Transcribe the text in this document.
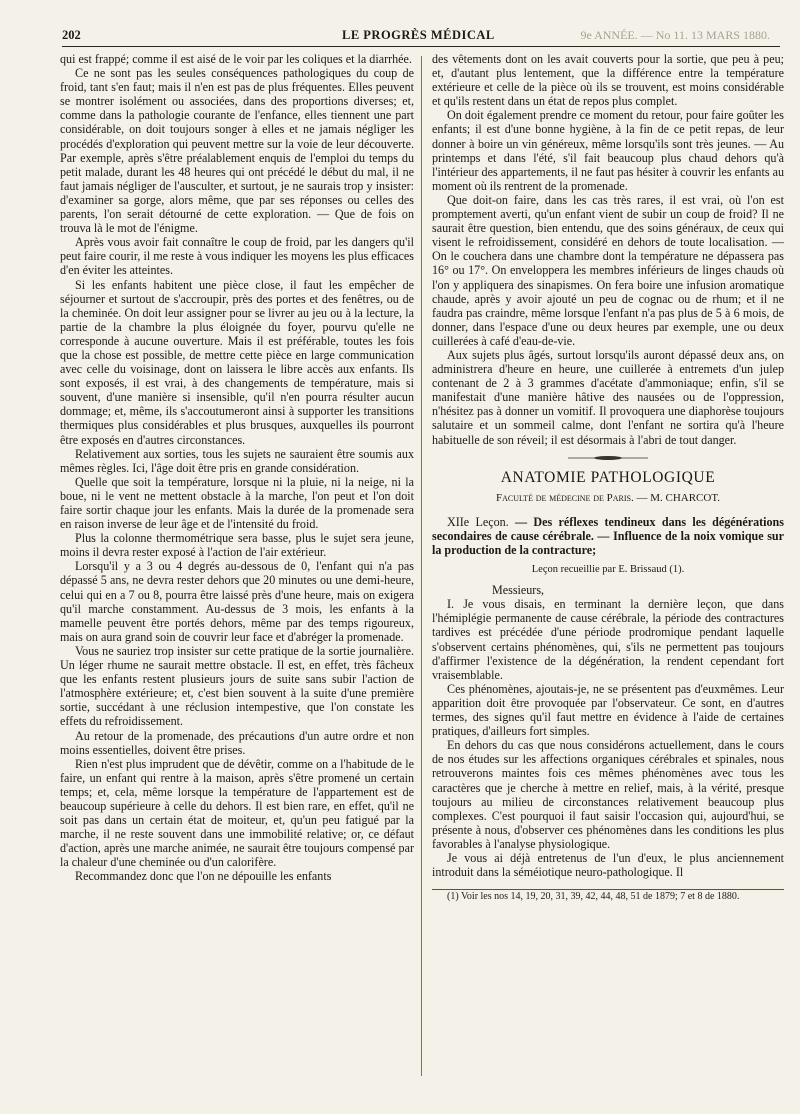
202	LE PROGRÈS MÉDICAL	9e ANNÉE. — No 11. 13 MARS 1880.

qui est frappé; comme il est aisé de le voir par les coliques et la diarrhée.

Ce ne sont pas les seules conséquences pathologiques du coup de froid, tant s'en faut; mais il n'en est pas de plus fréquentes. Elles peuvent se montrer isolément ou associées, dans des proportions diverses; et, comme dans la pathologie courante de l'enfance, elles tiennent une part considérable, on doit toujours songer à elles et ne jamais négliger les procédés d'exploration qui peuvent mettre sur la voie de leur découverte. Par exemple, après s'être préalablement enquis de l'emploi du temps du petit malade, durant les 48 heures qui ont précédé le début du mal, il ne faut jamais négliger de l'ausculter, et surtout, je ne saurais trop y insister: d'examiner sa gorge, alors même, que par ses réponses ou celles des parents, l'on serait détourné de cette exploration. — Que de fois on trouva là le mot de l'énigme.

Après vous avoir fait connaître le coup de froid, par les dangers qu'il peut faire courir, il me reste à vous indiquer les moyens les plus efficaces d'en éviter les atteintes.

Si les enfants habitent une pièce close, il faut les empêcher de séjourner et surtout de s'accroupir, près des portes et des fenêtres, ou de la cheminée. On doit leur assigner pour se livrer au jeu ou à la lecture, la partie de la chambre la plus éloignée du foyer, pourvu qu'elle ne corresponde à aucune ouverture. Mais il est préférable, toutes les fois que la chose est possible, de mettre cette pièce en large communication avec celle du voisinage, dont on laissera le libre accès aux enfants. Ils sont exposés, il est vrai, à des changements de température, mais si souvent, d'une manière si insensible, qu'il n'en pourra résulter aucun dommage; et, même, ils s'accoutumeront ainsi à supporter les transitions thermiques plus considérables et plus brusques, auxquelles ils pourront être exposés en d'autres circonstances.

Relativement aux sorties, tous les sujets ne sauraient être soumis aux mêmes règles. Ici, l'âge doit être pris en grande considération.

Quelle que soit la température, lorsque ni la pluie, ni la neige, ni la boue, ni le vent ne mettent obstacle à la marche, l'on peut et l'on doit faire sortir chaque jour les enfants. Mais la durée de la promenade sera en raison inverse de leur âge et de l'intensité du froid.

Plus la colonne thermométrique sera basse, plus le sujet sera jeune, moins il devra rester exposé à l'action de l'air extérieur.

Lorsqu'il y a 3 ou 4 degrés au-dessous de 0, l'enfant qui n'a pas dépassé 5 ans, ne devra rester dehors que 20 minutes ou une demi-heure, celui qui en a 7 ou 8, pourra être laissé près d'une heure, mais on exigera qu'il marche constamment. Au-dessus de 3 mois, les enfants à la mamelle peuvent être portés dehors, même par des temps rigoureux, mais on aura grand soin de couvrir leur face et d'abréger la promenade.

Vous ne sauriez trop insister sur cette pratique de la sortie journalière. Un léger rhume ne saurait mettre obstacle. Il est, en effet, très fâcheux que les enfants restent plusieurs jours de suite sans subir l'action de l'atmosphère extérieure; et, c'est bien souvent à la suite d'une première sortie, succédant à une réclusion intempestive, que l'on constate les effets du refroidissement.

Au retour de la promenade, des précautions d'un autre ordre et non moins essentielles, doivent être prises.

Rien n'est plus imprudent que de dévêtir, comme on a l'habitude de le faire, un enfant qui rentre à la maison, après s'être promené un certain temps; et, cela, même lorsque la température de l'appartement est de beaucoup supérieure à celle du dehors. Il est bien rare, en effet, qu'il ne soit pas dans un certain état de moiteur, et, qu'un peu fatigué par la marche, il ne reste souvent dans une immobilité relative; or, ce défaut d'action, après une marche animée, ne saurait être toujours compensé par la chaleur d'une cheminée ou d'un calorifère.

Recommandez donc que l'on ne dépouille les enfants

des vêtements dont on les avait couverts pour la sortie, que peu à peu; et, d'autant plus lentement, que la différence entre la température extérieure et celle de la pièce où ils se trouvent, est moins considérable et qu'ils restent dans un état de repos plus complet.

On doit également prendre ce moment du retour, pour faire goûter les enfants; il est d'une bonne hygiène, à la fin de ce petit repas, de leur donner à boire un vin généreux, même lorsqu'ils sont très jeunes. — Au printemps et dans l'été, s'il fait beaucoup plus chaud dehors qu'à l'intérieur des appartements, il ne faut pas hésiter à couvrir les enfants au moment où ils rentrent de la promenade.

Que doit-on faire, dans les cas très rares, il est vrai, où l'on est promptement averti, qu'un enfant vient de subir un coup de froid? Il ne saurait être question, bien entendu, que des soins généraux, de ceux qui visent le refroidissement, considéré en dehors de toute localisation. — On le couchera dans une chambre dont la température ne dépassera pas 16° ou 17°. On enveloppera les membres inférieurs de linges chauds où l'on y appliquera des sinapismes. On fera boire une infusion aromatique chaude, après y avoir ajouté un peu de cognac ou de rhum; et il ne faudra pas craindre, même lorsque l'enfant n'a pas plus de 5 à 6 mois, de donner, dans l'espace d'une ou deux heures par exemple, une ou deux cuillerées à café d'eau-de-vie.

Aux sujets plus âgés, surtout lorsqu'ils auront dépassé deux ans, on administrera d'heure en heure, une cuillerée à entremets d'un julep contenant de 2 à 3 grammes d'acétate d'ammoniaque; enfin, s'il se manifestait d'une manière hâtive des nausées ou de l'oppression, n'hésitez pas à donner un vomitif. Il provoquera une diaphorèse toujours salutaire et un sommeil calme, dont l'enfant ne sortira qu'à l'heure habituelle de son réveil; il est désormais à l'abri de tout danger.

ANATOMIE PATHOLOGIQUE
Faculté de médecine de Paris. — M. CHARCOT.

XIIe Leçon. — Des réflexes tendineux dans les dégénérations secondaires de cause cérébrale. — Influence de la noix vomique sur la production de la contracture;

Leçon recueillie par E. Brissaud (1).

Messieurs,

I. Je vous disais, en terminant la dernière leçon, que dans l'hémiplégie permanente de cause cérébrale, la période des contractures tardives est précédée d'une période prodromique pendant laquelle s'observent certains phénomènes, qui, s'ils ne permettent pas toujours d'affirmer l'existence de la dégénération, la rendent cependant fort vraisemblable.

Ces phénomènes, ajoutais-je, ne se présentent pas d'euxmêmes. Leur apparition doit être provoquée par l'observateur. Ce sont, en d'autres termes, des signes qu'il faut mettre en évidence à l'aide de certaines pratiques, d'ailleurs fort simples.

En dehors du cas que nous considérons actuellement, dans le cours de nos études sur les affections organiques cérébrales et spinales, nous retrouverons maintes fois ces mêmes phénomènes avec tous les caractères que je cherche à mettre en relief, mais, à la vérité, presque toujours au milieu de circonstances relativement beaucoup plus complexes. C'est pourquoi il faut saisir l'occasion qui, aujourd'hui, se présente à nous, d'observer ces phénomènes dans les conditions les plus favorables à l'analyse physiologique.

Je vous ai déjà entretenus de l'un d'eux, le plus anciennement introduit dans la séméiotique neuro-pathologique. Il

(1) Voir les nos 14, 19, 20, 31, 39, 42, 44, 48, 51 de 1879; 7 et 8 de 1880.
